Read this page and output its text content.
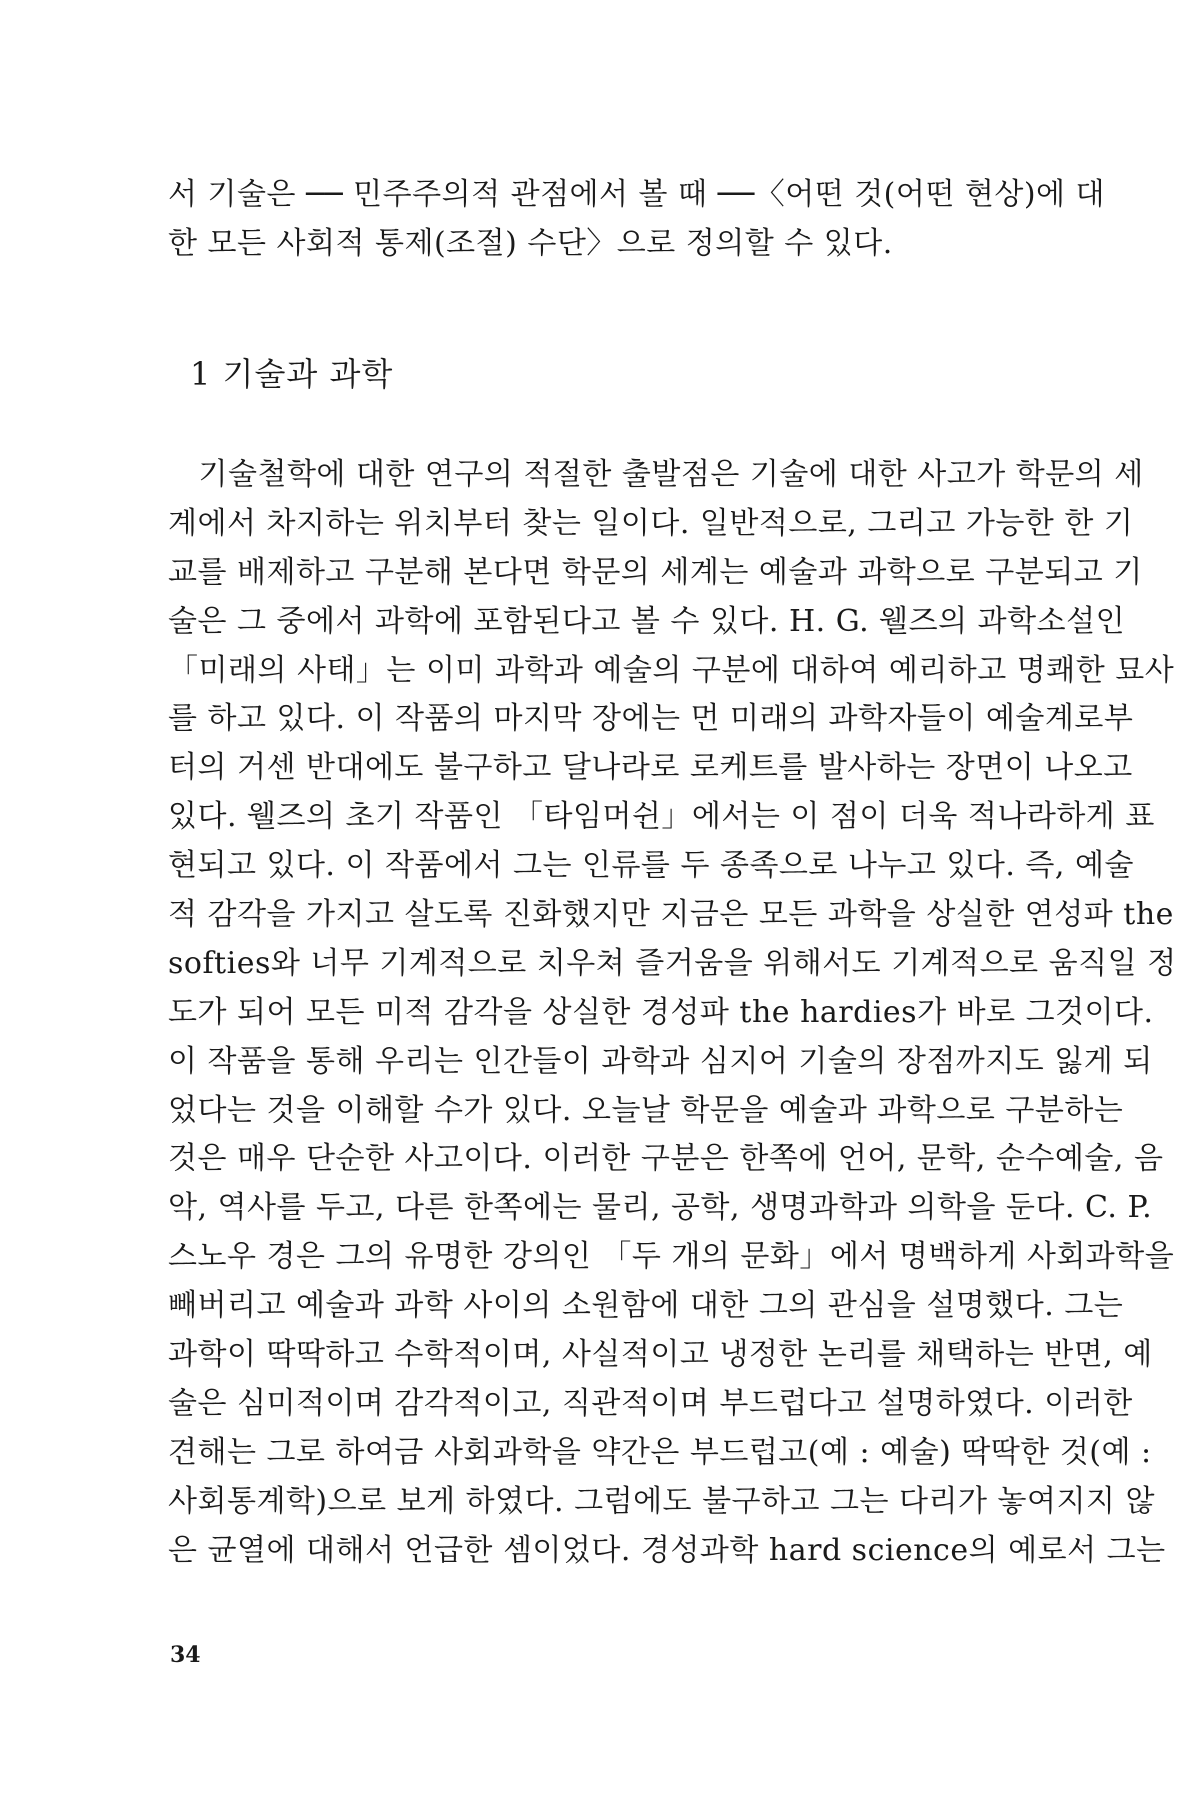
서 기술은 ── 민주주의적 관점에서 볼 때 ──〈어떤 것(어떤 현상)에 대
한 모든 사회적 통제(조절) 수단〉으로 정의할 수 있다.
1 기술과 과학
　기술철학에 대한 연구의 적절한 출발점은 기술에 대한 사고가 학문의 세
계에서 차지하는 위치부터 찾는 일이다. 일반적으로, 그리고 가능한 한 기
교를 배제하고 구분해 본다면 학문의 세계는 예술과 과학으로 구분되고 기
술은 그 중에서 과학에 포함된다고 볼 수 있다. H. G. 웰즈의 과학소설인
「미래의 사태」는 이미 과학과 예술의 구분에 대하여 예리하고 명쾌한 묘사
를 하고 있다. 이 작품의 마지막 장에는 먼 미래의 과학자들이 예술계로부
터의 거센 반대에도 불구하고 달나라로 로케트를 발사하는 장면이 나오고
있다. 웰즈의 초기 작품인 「타임머쉰」에서는 이 점이 더욱 적나라하게 표
현되고 있다. 이 작품에서 그는 인류를 두 종족으로 나누고 있다. 즉, 예술
적 감각을 가지고 살도록 진화했지만 지금은 모든 과학을 상실한 연성파 the
softies와 너무 기계적으로 치우쳐 즐거움을 위해서도 기계적으로 움직일 정
도가 되어 모든 미적 감각을 상실한 경성파 the hardies가 바로 그것이다.
이 작품을 통해 우리는 인간들이 과학과 심지어 기술의 장점까지도 잃게 되
었다는 것을 이해할 수가 있다. 오늘날 학문을 예술과 과학으로 구분하는
것은 매우 단순한 사고이다. 이러한 구분은 한쪽에 언어, 문학, 순수예술, 음
악, 역사를 두고, 다른 한쪽에는 물리, 공학, 생명과학과 의학을 둔다. C. P.
스노우 경은 그의 유명한 강의인 「두 개의 문화」에서 명백하게 사회과학을
빼버리고 예술과 과학 사이의 소원함에 대한 그의 관심을 설명했다. 그는
과학이 딱딱하고 수학적이며, 사실적이고 냉정한 논리를 채택하는 반면, 예
술은 심미적이며 감각적이고, 직관적이며 부드럽다고 설명하였다. 이러한
견해는 그로 하여금 사회과학을 약간은 부드럽고(예 : 예술) 딱딱한 것(예 :
사회통계학)으로 보게 하였다. 그럼에도 불구하고 그는 다리가 놓여지지 않
은 균열에 대해서 언급한 셈이었다. 경성과학 hard science의 예로서 그는
34
